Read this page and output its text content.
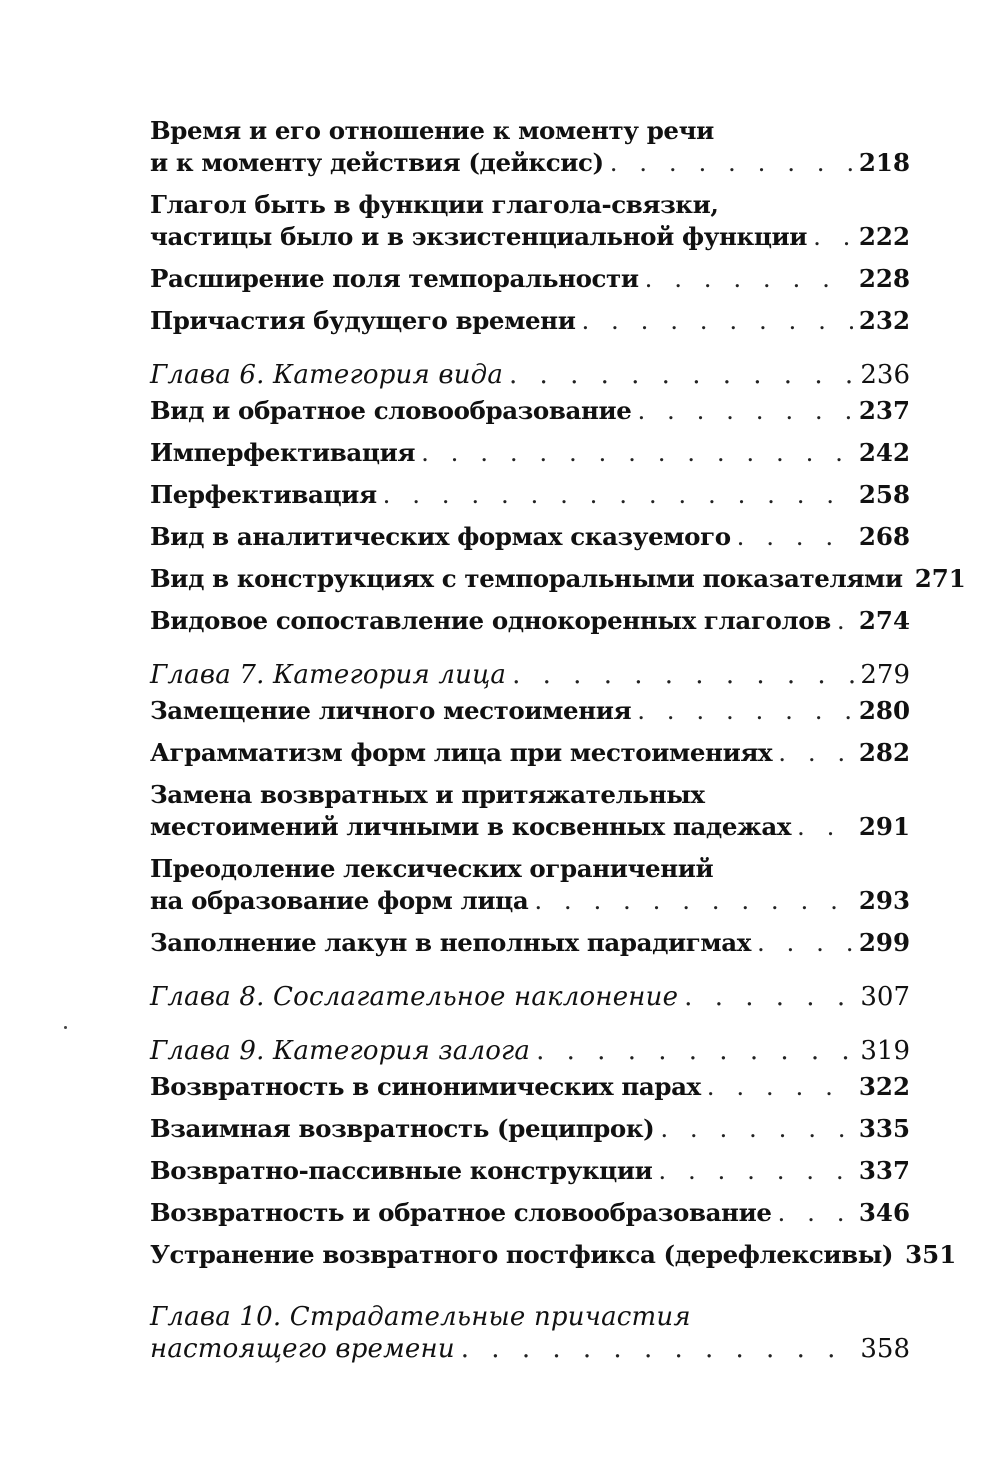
Время и его отношение к моменту речи
и к моменту действия (дейксис) . . .	218
Глагол быть в функции глагола-связки,
частицы было и в экзистенциальной функции . . . 222
Расширение поля темпоральности . . .	228
Причастия будущего времени . . .	232
Глава 6. Категория вида . . .	236
Вид и обратное словообразование . . .	237
Имперфективация . . .	242
Перфективация . . .	258
Вид в аналитических формах сказуемого . . .	268
Вид в конструкциях с темпоральными показателями 271
Видовое сопоставление однокоренных глаголов . . . 274
Глава 7. Категория лица . . .	279
Замещение личного местоимения . . .	280
Аграмматизм форм лица при местоимениях . . .	282
Замена возвратных и притяжательных
местоимений личными в косвенных падежах . . .	291
Преодоление лексических ограничений
на образование форм лица . . .	293
Заполнение лакун в неполных парадигмах . . .	299
Глава 8. Сослагательное наклонение . . .	307
Глава 9. Категория залога . . .	319
Возвратность в синонимических парах . . .	322
Взаимная возвратность (реципрок) . . .	335
Возвратно-пассивные конструкции . . .	337
Возвратность и обратное словообразование . . .	346
Устранение возвратного постфикса (дерефлексивы) 351
Глава 10. Страдательные причастия
настоящего времени . . .	358
